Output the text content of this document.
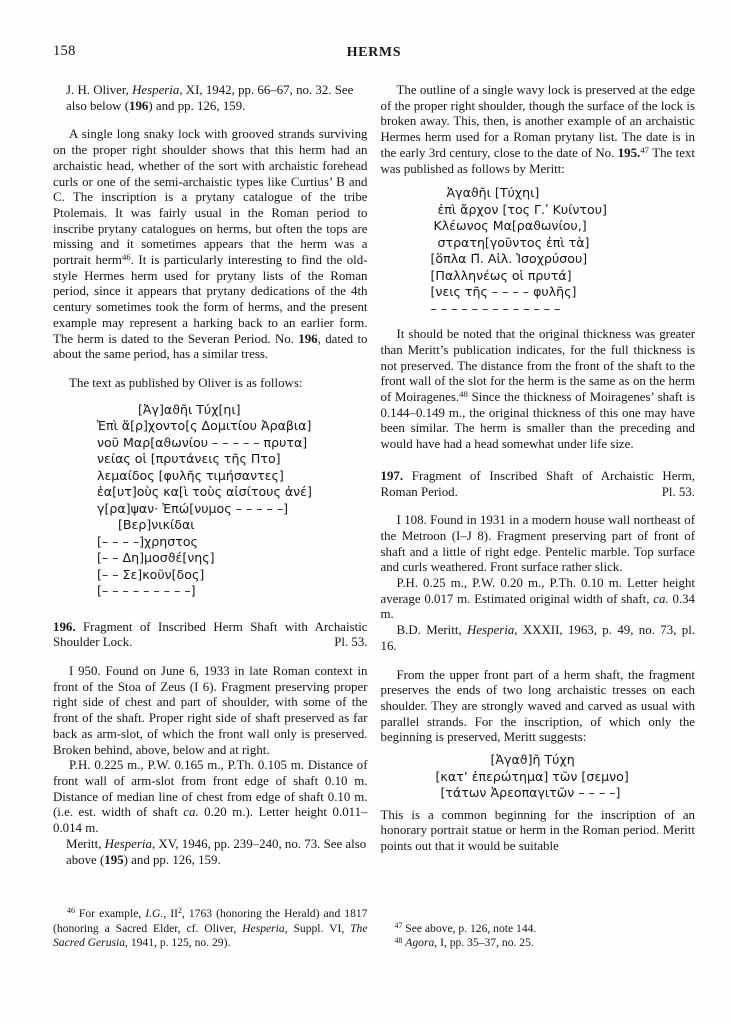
158	HERMS

J. H. Oliver, Hesperia, XI, 1942, pp. 66–67, no. 32. See also below (196) and pp. 126, 159.

A single long snaky lock with grooved strands surviving on the proper right shoulder shows that this herm had an archaistic head, whether of the sort with archaistic forehead curls or one of the semi-archaistic types like Curtius’ B and C. The inscription is a prytany catalogue of the tribe Ptolemais. It was fairly usual in the Roman period to inscribe prytany catalogues on herms, but often the tops are missing and it sometimes appears that the herm was a portrait herm$^{46}$. It is particularly interesting to find the old-style Hermes herm used for prytany lists of the Roman period, since it appears that prytany dedications of the 4th century sometimes took the form of herms, and the present example may represent a harking back to an earlier form. The herm is dated to the Severan Period. No. 196, dated to about the same period, has a similar tress.

The text as published by Oliver is as follows:

[Ἀγ]αϑῆι Τύχ[ηι]
Ἐπὶ ἄ[ρ]χοντο[ς Δομιτίου Ἀραβια]
νοῦ Μαρ[αϑωνίου – – – – – πρυτα]
νείας οἱ [πρυτάνεις τῆς Πτο]
λεμαίδος [φυλῆς τιμήσαντες]
ἑα[υτ]οὺς κα[ὶ τοὺς αἰσίτους ἀνέ]
γ[ρα]ψαν· Ἐπώ[νυμος – – – – –]
[Βερ]νικίδαι
[– – – –]χρηστος
[– – Δη]μοσϑέ[νης]
[– – Σε]κοῦν[δος]
[– – – – – – – – –]
196. Fragment of Inscribed Herm Shaft with Archaistic Shoulder Lock.	Pl. 53.

I 950. Found on June 6, 1933 in late Roman context in front of the Stoa of Zeus (I 6). Fragment preserving proper right side of chest and part of shoulder, with some of the front of the shaft. Proper right side of shaft preserved as far back as arm-slot, of which the front wall only is preserved. Broken behind, above, below and at right.

P.H. 0.225 m., P.W. 0.165 m., P.Th. 0.105 m. Distance of front wall of arm-slot from front edge of shaft 0.10 m. Distance of median line of chest from edge of shaft 0.10 m. (i.e. est. width of shaft ca. 0.20 m.). Letter height 0.011–0.014 m.

Meritt, Hesperia, XV, 1946, pp. 239–240, no. 73. See also above (195) and pp. 126, 159.

$^{46}$ For example, I.G., $II^2$, 1763 (honoring the Herald) and 1817 (honoring a Sacred Elder, cf. Oliver, Hesperia, Suppl. VI, The Sacred Gerusia, 1941, p. 125, no. 29).

The outline of a single wavy lock is preserved at the edge of the proper right shoulder, though the surface of the lock is broken away. This, then, is another example of an archaistic Hermes herm used for a Roman prytany list. The date is in the early 3rd century, close to the date of No. 195.47 The text was published as follows by Meritt:

Ἀγαϑῆι [Τύχηι]
ἐπὶ ἄρχον [τος Γ.ʹ Κυίντου]
Κλέωνος Μα[ραϑωνίου,]
στρατη[γοῦντος ἐπὶ τὰ]
[ὅπλα Π̃. Αἰλ. Ἰσοχρύσου]
[Παλληνέως οἱ πρυτά]
[νεις τῆς – – – – φυλῆς]
– – – – – – – – – – – – –

It should be noted that the original thickness was greater than Meritt’s publication indicates, for the full thickness is not preserved. The distance from the front of the shaft to the front wall of the slot for the herm is the same as on the herm of Moiragenes.$^{48}$ Since the thickness of Moiragenes’ shaft is 0.144–0.149 m., the original thickness of this one may have been similar. The herm is smaller than the preceding and would have had a head somewhat under life size.

197. Fragment of Inscribed Shaft of Archaistic Herm, Roman Period.	Pl. 53.

I 108. Found in 1931 in a modern house wall northeast of the Metroon (I–J 8). Fragment preserving part of front of shaft and a little of right edge. Pentelic marble. Top surface and curls weathered. Front surface rather slick.

P.H. 0.25 m., P.W. 0.20 m., P.Th. 0.10 m. Letter height average 0.017 m. Estimated original width of shaft, ca. 0.34 m.

B.D. Meritt, Hesperia, XXXII, 1963, p. 49, no. 73, pl. 16.

From the upper front part of a herm shaft, the fragment preserves the ends of two long archaistic tresses on each shoulder. They are strongly waved and carved as usual with parallel strands. For the inscription, of which only the beginning is preserved, Meritt suggests:

[Ἀγαϑ]ῆ Τύχη
[κατ’ ἐπερώτημα] τῶν [σεμνο]
[τάτων Ἀρεοπαγιτῶν – – – –]

This is a common beginning for the inscription of an honorary portrait statue or herm in the Roman period. Meritt points out that it would be suitable

$^{47}$ See above, p. 126, note 144.

$^{48}$ Agora, I, pp. 35–37, no. 25.
